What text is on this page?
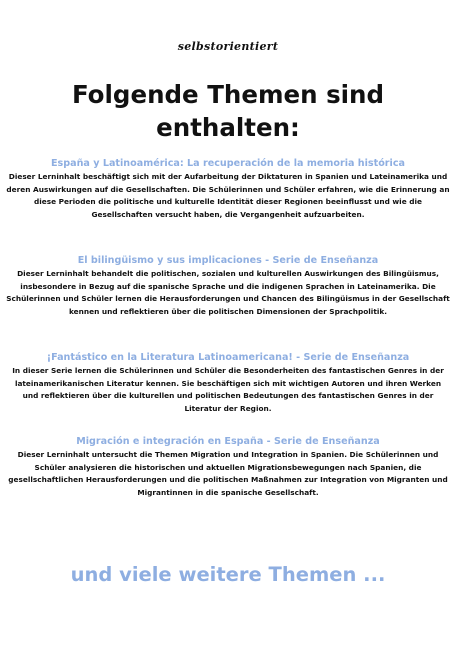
selbstorientiert
Folgende Themen sind enthalten:
España y Latinoamérica: La recuperación de la memoria histórica

Dieser Lerninhalt beschäftigt sich mit der Aufarbeitung der Diktaturen in Spanien und Lateinamerika und deren Auswirkungen auf die Gesellschaften. Die Schülerinnen und Schüler erfahren, wie die Erinnerung an diese Perioden die politische und kulturelle Identität dieser Regionen beeinflusst und wie die Gesellschaften versucht haben, die Vergangenheit aufzuarbeiten.

El bilingüismo y sus implicaciones - Serie de Enseñanza

Dieser Lerninhalt behandelt die politischen, sozialen und kulturellen Auswirkungen des Bilingüismus, insbesondere in Bezug auf die spanische Sprache und die indigenen Sprachen in Lateinamerika. Die Schülerinnen und Schüler lernen die Herausforderungen und Chancen des Bilingüismus in der Gesellschaft kennen und reflektieren über die politischen Dimensionen der Sprachpolitik.

¡Fantástico en la Literatura Latinoamericana! - Serie de Enseñanza

In dieser Serie lernen die Schülerinnen und Schüler die Besonderheiten des fantastischen Genres in der lateinamerikanischen Literatur kennen. Sie beschäftigen sich mit wichtigen Autoren und ihren Werken und reflektieren über die kulturellen und politischen Bedeutungen des fantastischen Genres in der Literatur der Region.

Migración e integración en España - Serie de Enseñanza

Dieser Lerninhalt untersucht die Themen Migration und Integration in Spanien. Die Schülerinnen und Schüler analysieren die historischen und aktuellen Migrationsbewegungen nach Spanien, die gesellschaftlichen Herausforderungen und die politischen Maßnahmen zur Integration von Migranten und Migrantinnen in die spanische Gesellschaft.

und viele weitere Themen ...
